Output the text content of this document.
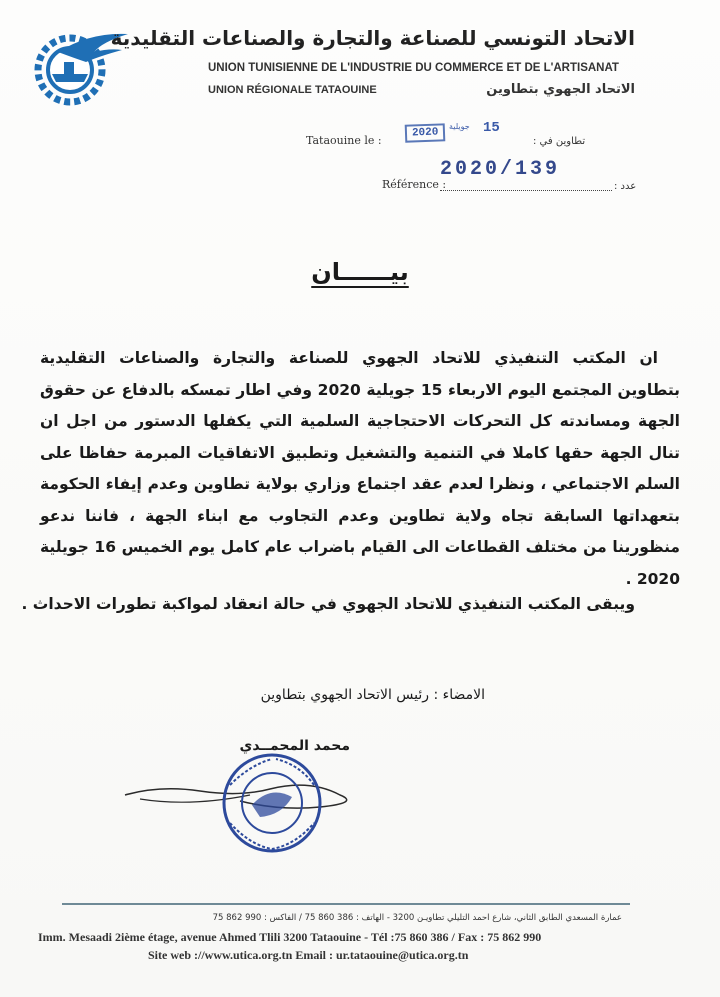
الاتحاد التونسي للصناعة والتجارة والصناعات التقليدية
UNION TUNISIENNE DE L'INDUSTRIE DU COMMERCE ET DE L'ARTISANAT
UNION RÉGIONALE TATAOUINE	الاتحاد الجهوي بتطاوين
Tataouine le :
2020
جويلية 15
تطاوين في :
2020/139
Référence :	عدد :
بيــــــان

ان المكتب التنفيذي للاتحاد الجهوي للصناعة والتجارة والصناعات التقليدية بتطاوين المجتمع اليوم الاربعاء 15 جويلية 2020 وفي اطار تمسكه بالدفاع عن حقوق الجهة ومساندته كل التحركات الاحتجاجية السلمية التي يكفلها الدستور من اجل ان تنال الجهة حقها كاملا في التنمية والتشغيل وتطبيق الاتفاقيات المبرمة حفاظا على السلم الاجتماعي ، ونظرا لعدم عقد اجتماع وزاري بولاية تطاوين وعدم إيفاء الحكومة بتعهداتها السابقة تجاه ولاية تطاوين وعدم التجاوب مع ابناء الجهة ، فاننا ندعو منظورينا من مختلف القطاعات الى القيام باضراب عام كامل يوم الخميس 16 جويلية 2020 .

ويبقى المكتب التنفيذي للاتحاد الجهوي في حالة انعقاد لمواكبة تطورات الاحداث .
الامضاء : رئيس الاتحاد الجهوي بتطاوين
محمد المحمــدي
عمارة المسعدي الطابق الثاني، شارع احمد التليلي تطاويـن 3200 - الهاتف : 386 860 75 / الفاكس : 990 862 75
Imm. Mesaadi 2ième étage, avenue Ahmed Tlili 3200 Tataouine - Tél :75 860 386 / Fax : 75 862 990
Site web ://www.utica.org.tn Email : ur.tataouine@utica.org.tn
